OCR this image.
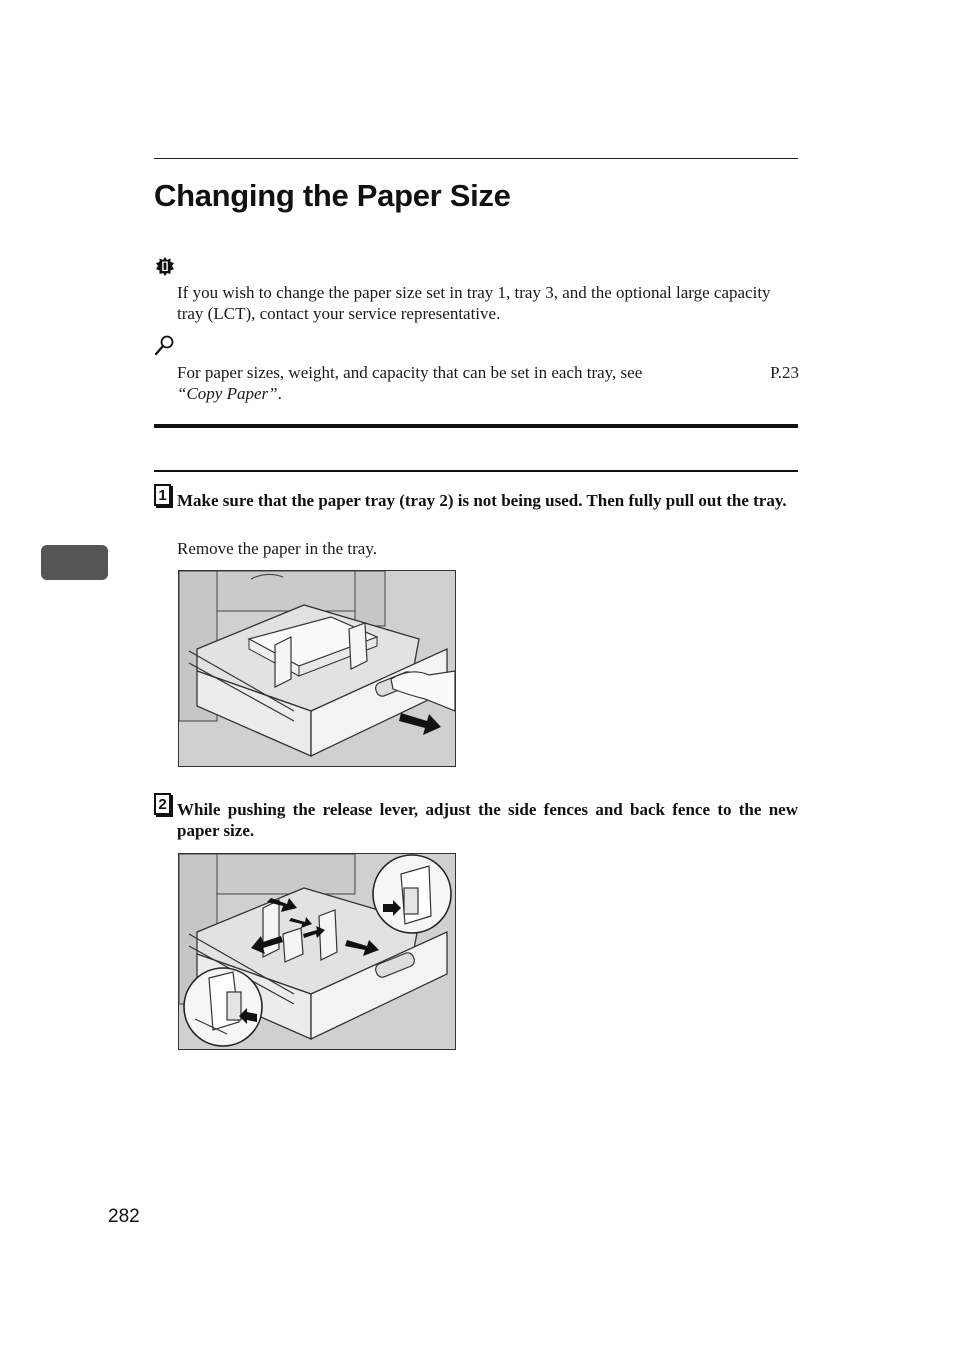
Changing the Paper Size
If you wish to change the paper size set in tray 1, tray 3, and the optional large capacity tray (LCT), contact your service representative.
For paper sizes, weight, and capacity that can be set in each tray, see	P.23
“Copy Paper”.
1 Make sure that the paper tray (tray 2) is not being used. Then fully pull out the tray.
Remove the paper in the tray.
2 While pushing the release lever, adjust the side fences and back fence to the new paper size.
282
